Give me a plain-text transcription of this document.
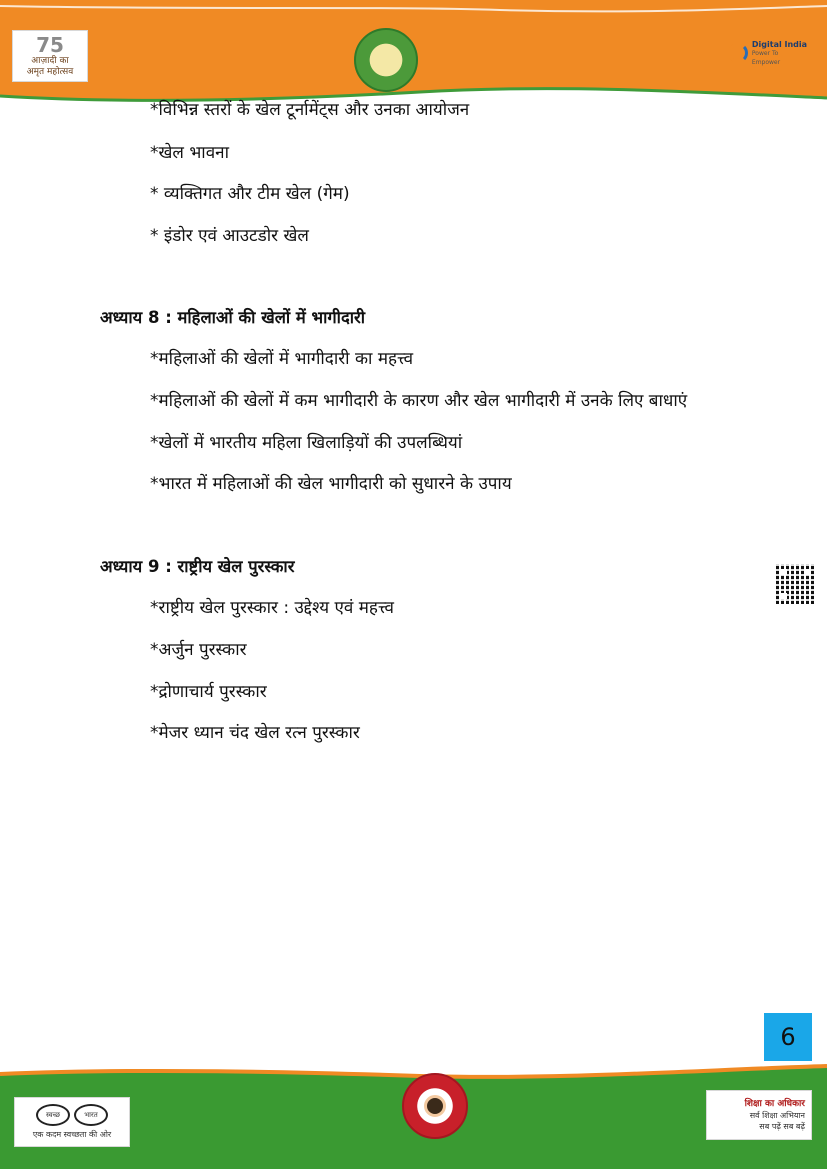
75
आज़ादी का
अमृत महोत्सव
Digital India
Power To Empower
*विभिन्न स्तरों के खेल टूर्नामेंट्स और उनका आयोजन
*खेल भावना
* व्यक्तिगत और टीम खेल (गेम)
* इंडोर एवं आउटडोर खेल
अध्याय 8 : महिलाओं की खेलों में भागीदारी
*महिलाओं की खेलों में भागीदारी का महत्त्व
*महिलाओं की खेलों में कम भागीदारी के कारण और खेल भागीदारी में उनके लिए बाधाएं
*खेलों में भारतीय महिला खिलाड़ियों की उपलब्धियां
*भारत में महिलाओं की खेल भागीदारी को सुधारने के उपाय
अध्याय 9 : राष्ट्रीय खेल पुरस्कार
*राष्ट्रीय खेल पुरस्कार : उद्देश्य एवं महत्त्व
*अर्जुन पुरस्कार
*द्रोणाचार्य पुरस्कार
*मेजर ध्यान चंद खेल रत्न पुरस्कार
6
स्वच्छ	भारत
एक कदम स्वच्छता की ओर
शिक्षा का अधिकार
सर्व शिक्षा अभियान
सब पढ़ें सब बढ़ें
